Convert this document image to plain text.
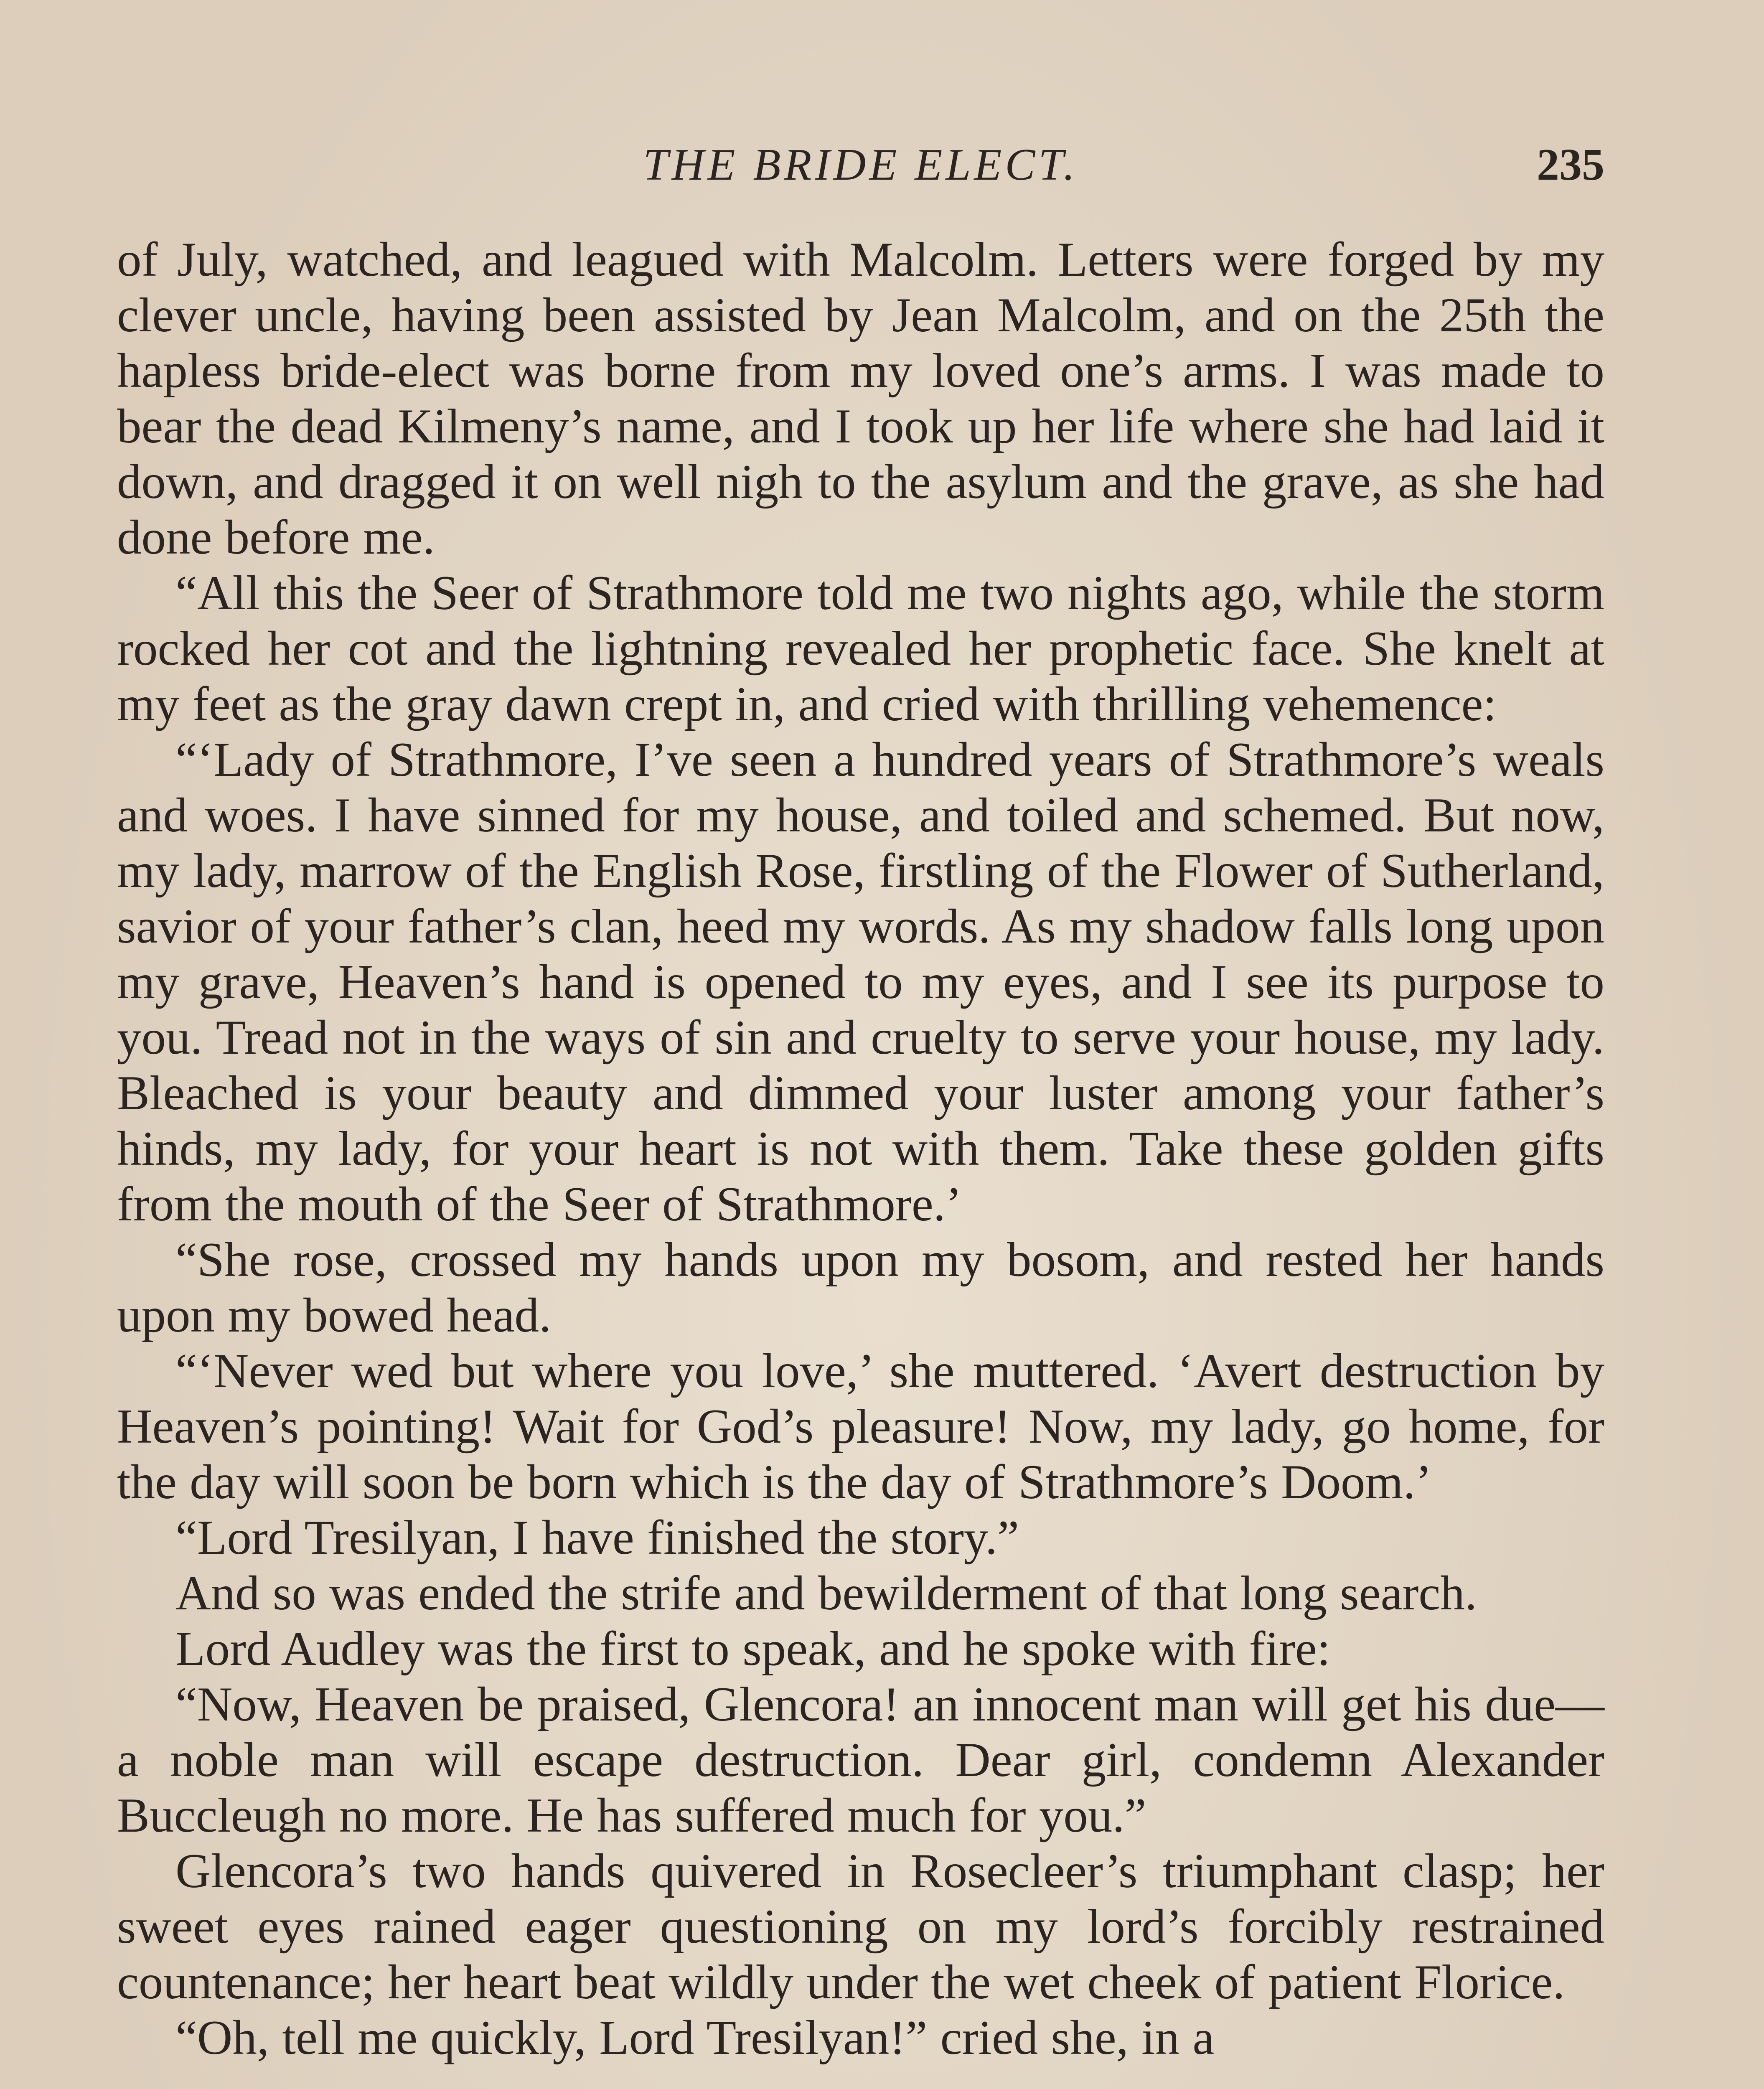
THE BRIDE ELECT.	235

of July, watched, and leagued with Malcolm. Letters were forged by my clever uncle, having been assisted by Jean Malcolm, and on the 25th the hapless bride-elect was borne from my loved one’s arms. I was made to bear the dead Kilmeny’s name, and I took up her life where she had laid it down, and dragged it on well nigh to the asylum and the grave, as she had done before me.

“All this the Seer of Strathmore told me two nights ago, while the storm rocked her cot and the lightning revealed her prophetic face. She knelt at my feet as the gray dawn crept in, and cried with thrilling vehemence:

“‘Lady of Strathmore, I’ve seen a hundred years of Strathmore’s weals and woes. I have sinned for my house, and toiled and schemed. But now, my lady, marrow of the English Rose, firstling of the Flower of Sutherland, savior of your father’s clan, heed my words. As my shadow falls long upon my grave, Heaven’s hand is opened to my eyes, and I see its purpose to you. Tread not in the ways of sin and cruelty to serve your house, my lady. Bleached is your beauty and dimmed your luster among your father’s hinds, my lady, for your heart is not with them. Take these golden gifts from the mouth of the Seer of Strathmore.’

“She rose, crossed my hands upon my bosom, and rested her hands upon my bowed head.

“‘Never wed but where you love,’ she muttered. ‘Avert destruction by Heaven’s pointing! Wait for God’s pleasure! Now, my lady, go home, for the day will soon be born which is the day of Strathmore’s Doom.’

“Lord Tresilyan, I have finished the story.”

And so was ended the strife and bewilderment of that long search.

Lord Audley was the first to speak, and he spoke with fire:

“Now, Heaven be praised, Glencora! an innocent man will get his due—a noble man will escape destruction. Dear girl, condemn Alexander Buccleugh no more. He has suffered much for you.”

Glencora’s two hands quivered in Rosecleer’s triumphant clasp; her sweet eyes rained eager questioning on my lord’s forcibly restrained countenance; her heart beat wildly under the wet cheek of patient Florice.

“Oh, tell me quickly, Lord Tresilyan!” cried she, in a
